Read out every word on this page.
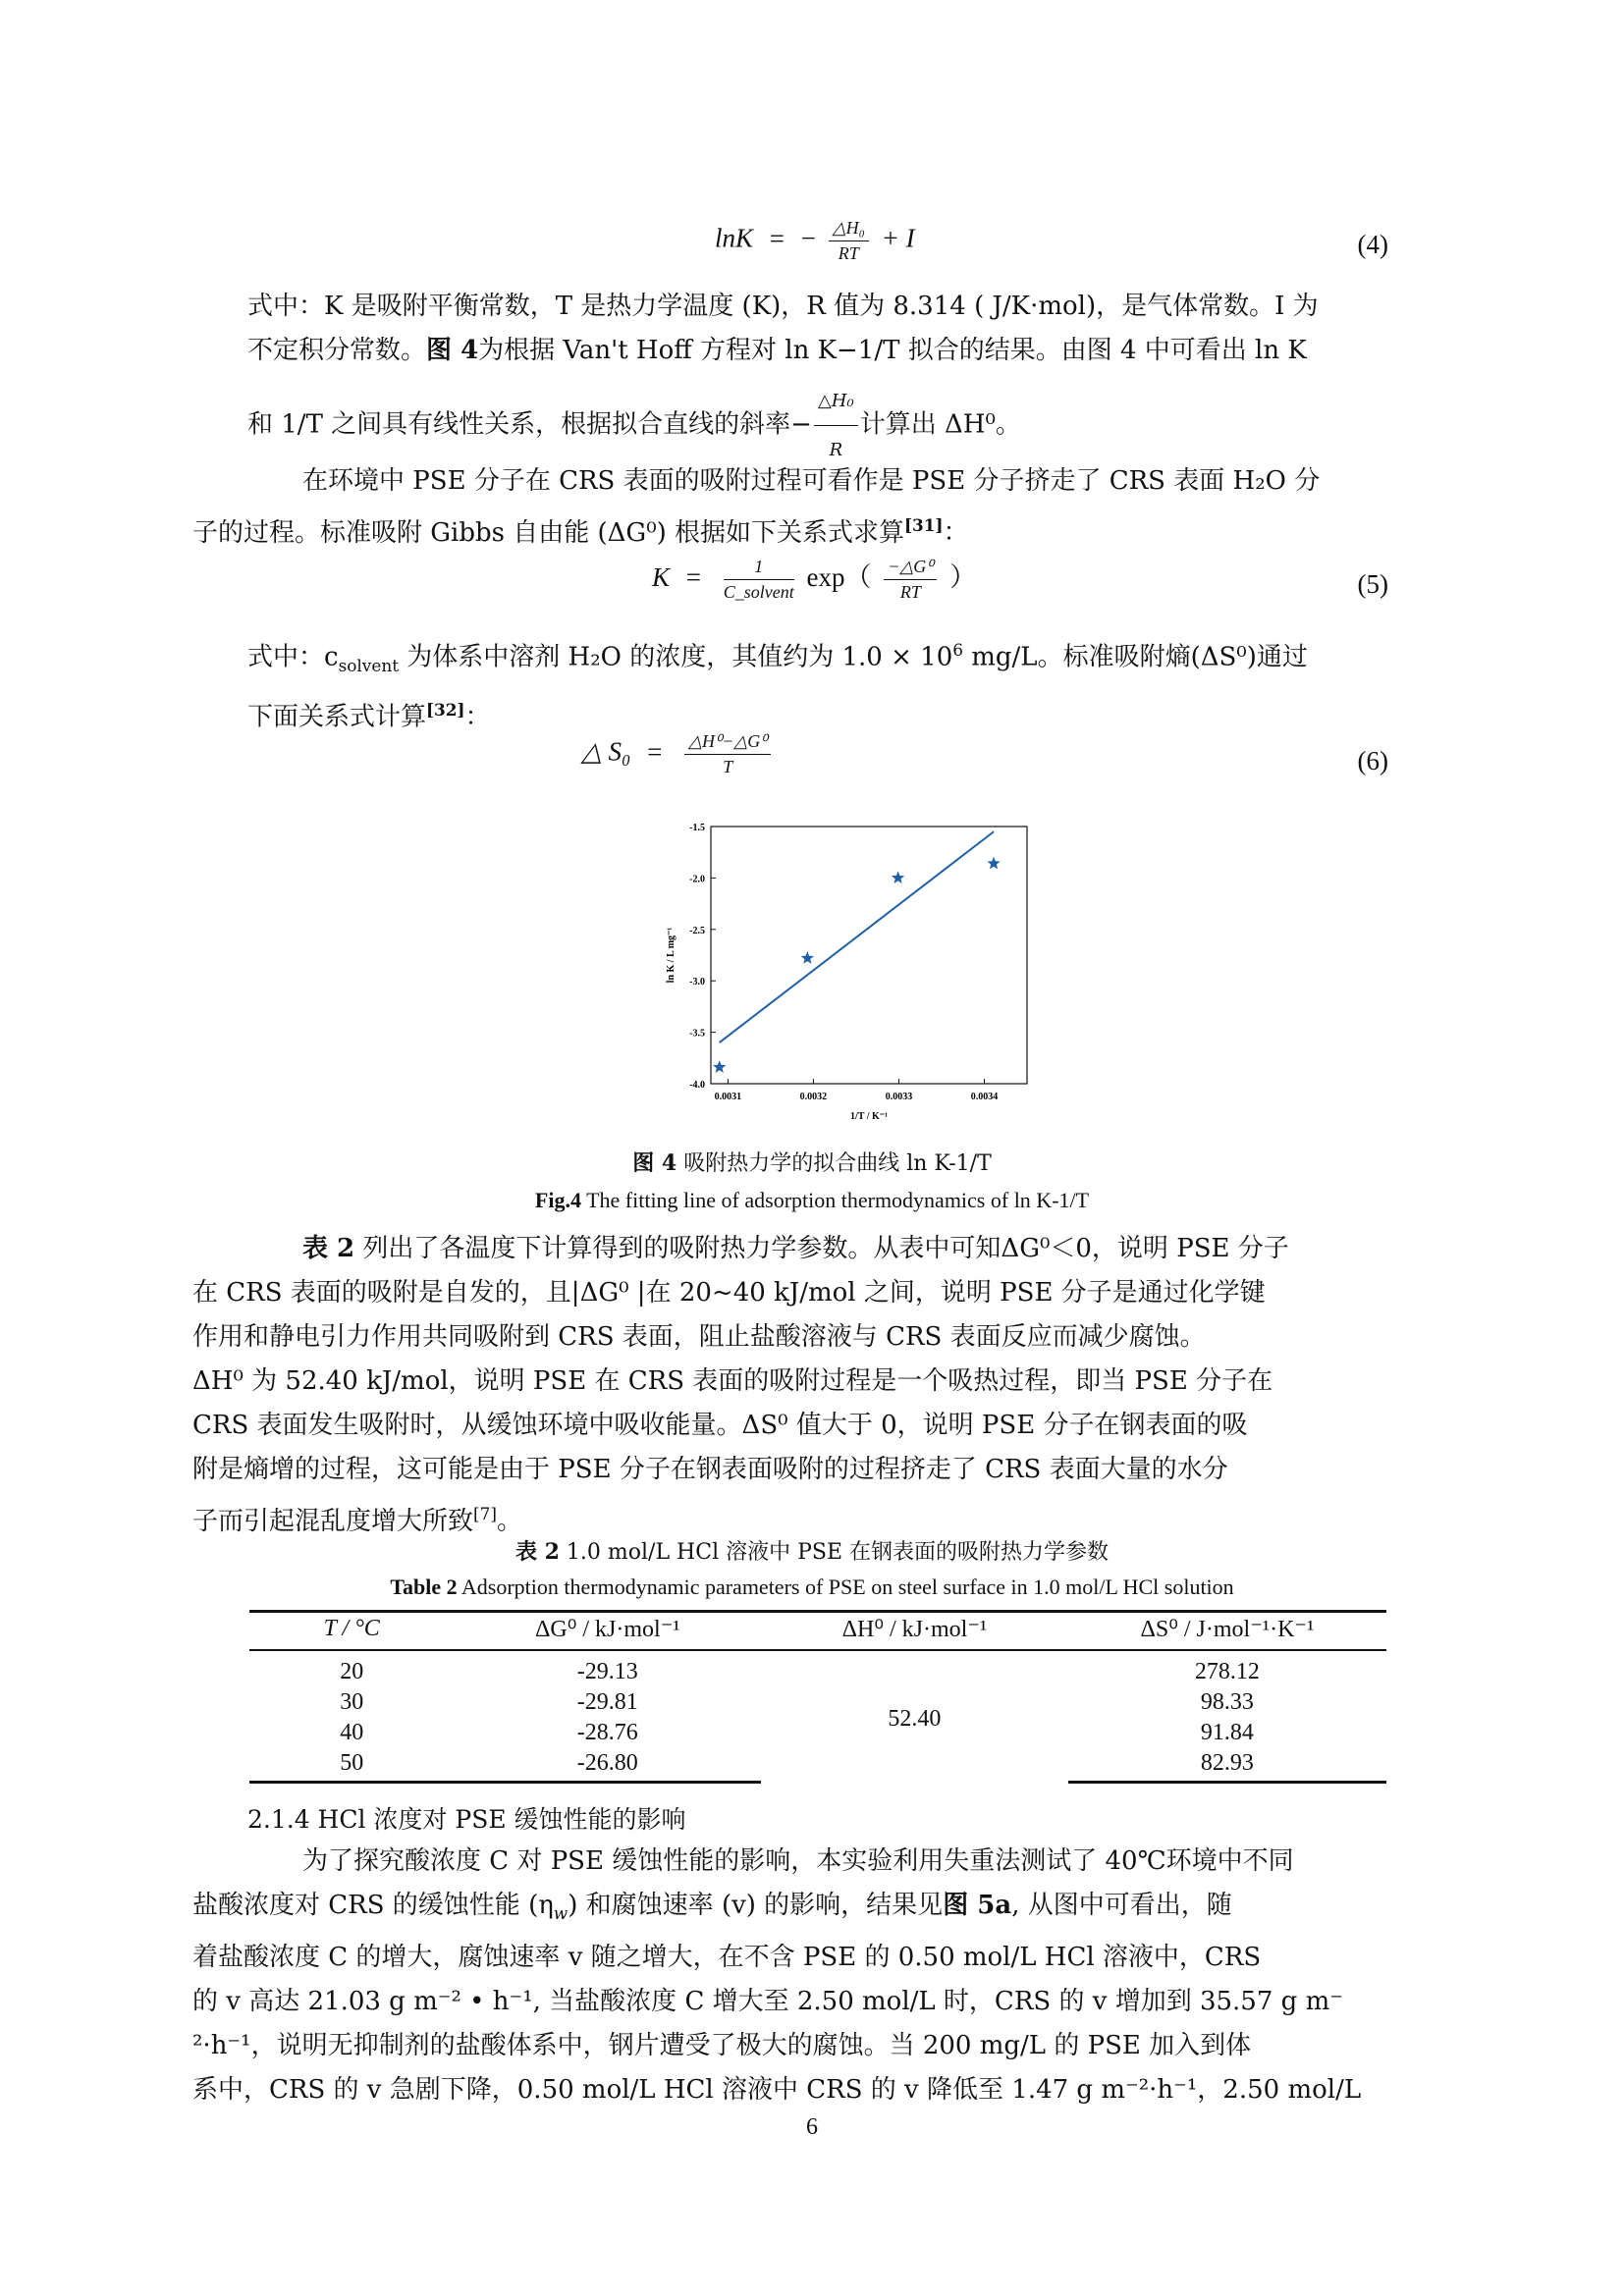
lnK = − $\frac{\text{△H₀}}{RT} + I$	(4)
式中：K 是吸附平衡常数，T 是热力学温度 (K)，R 值为 8.314 ( J/K·mol)，是气体常数。I 为
不定积分常数。图 4为根据 Van't Hoff 方程对 ln K−1/T 拟合的结果。由图 4 中可看出 ln K
和 1/T 之间具有线性关系，根据拟合直线的斜率− $\frac{\text{△H₀}}{R}$ 计算出 ΔH⁰。
在环境中 PSE 分子在 CRS 表面的吸附过程可看作是 PSE 分子挤走了 CRS 表面 H₂O 分
子的过程。标准吸附 Gibbs 自由能 (ΔG⁰) 根据如下关系式求算[31]：
$K = \frac{1}{\text{C\_solvent}} \exp( \frac{\text{−△G⁰}}{RT}$ ）	(5)
式中：$c_{solvent}$ 为体系中溶剂 H₂O 的浓度，其值约为 $1.0 \times 10^6$ mg/L。标准吸附熵(ΔS⁰)通过
下面关系式计算[32]：
△ $S_0 = \frac{\text{△H⁰−△G⁰}}{T}$	(6)
0.0031	0.0032	0.0033	0.0034
-1.5
-2.0
-2.5
-3.0
-3.5
-4.0
1/T / K⁻¹
ln K / L mg⁻¹
图 4 吸附热力学的拟合曲线 ln K-1/T
Fig.4 The fitting line of adsorption thermodynamics of ln K-1/T
表 2 列出了各温度下计算得到的吸附热力学参数。从表中可知ΔG⁰＜0，说明 PSE 分子
在 CRS 表面的吸附是自发的，且|ΔG⁰ |在 20~40 kJ/mol 之间，说明 PSE 分子是通过化学键
作用和静电引力作用共同吸附到 CRS 表面，阻止盐酸溶液与 CRS 表面反应而减少腐蚀。
ΔH⁰ 为 52.40 kJ/mol，说明 PSE 在 CRS 表面的吸附过程是一个吸热过程，即当 PSE 分子在
CRS 表面发生吸附时，从缓蚀环境中吸收能量。ΔS⁰ 值大于 0，说明 PSE 分子在钢表面的吸
附是熵增的过程，这可能是由于 PSE 分子在钢表面吸附的过程挤走了 CRS 表面大量的水分
子而引起混乱度增大所致[7]。
表 2 1.0 mol/L HCl 溶液中 PSE 在钢表面的吸附热力学参数
Table 2 Adsorption thermodynamic parameters of PSE on steel surface in 1.0 mol/L HCl solution
T / °C	ΔG⁰ / kJ·mol⁻¹	ΔH⁰ / kJ·mol⁻¹	ΔS⁰ / J·mol⁻¹·K⁻¹
20	-29.13	52.40	278.12
30	-29.81		98.33
40	-28.76		91.84
50	-26.80		82.93
2.1.4 HCl 浓度对 PSE 缓蚀性能的影响
为了探究酸浓度 C 对 PSE 缓蚀性能的影响，本实验利用失重法测试了 40℃环境中不同
盐酸浓度对 CRS 的缓蚀性能 $(\eta_w)$ 和腐蚀速率 (v) 的影响，结果见图 5a, 从图中可看出，随
着盐酸浓度 C 的增大，腐蚀速率 v 随之增大，在不含 PSE 的 0.50 mol/L HCl 溶液中，CRS
的 v 高达 21.03 g m⁻² • h⁻¹, 当盐酸浓度 C 增大至 2.50 mol/L 时，CRS 的 v 增加到 35.57 g m⁻
²·h⁻¹，说明无抑制剂的盐酸体系中，钢片遭受了极大的腐蚀。当 200 mg/L 的 PSE 加入到体
系中，CRS 的 v 急剧下降，0.50 mol/L HCl 溶液中 CRS 的 v 降低至 1.47 g m⁻²·h⁻¹，2.50 mol/L
6
